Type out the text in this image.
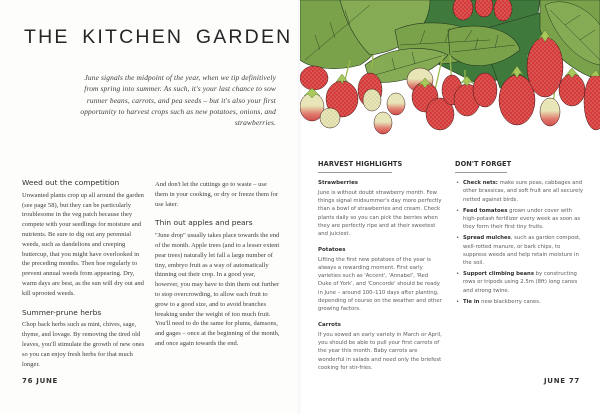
THE KITCHEN GARDEN

June signals the midpoint of the year, when we tip definitively from spring into summer. As such, it's your last chance to sow runner beans, carrots, and pea seeds – but it's also your first opportunity to harvest crops such as new potatoes, onions, and strawberries.

Weed out the competition

Unwanted plants crop up all around the garden (see page 58), but they can be particularly troublesome in the veg patch because they compete with your seedlings for moisture and nutrients. Be sure to dig out any perennial weeds, such as dandelions and creeping buttercup, that you might have overlooked in the preceding months. Then hoe regularly to prevent annual weeds from appearing. Dry, warm days are best, as the sun will dry out and kill uprooted weeds.

Summer-prune herbs

Chop back herbs such as mint, chives, sage, thyme, and lovage. By removing the tired old leaves, you'll stimulate the growth of new ones so you can enjoy fresh herbs for that much longer.

And don't let the cuttings go to waste – use them in your cooking, or dry or freeze them for use later.

Thin out apples and pears

"June drop" usually takes place towards the end of the month. Apple trees (and to a lesser extent pear trees) naturally let fall a large number of tiny, embryo fruit as a way of automatically thinning out their crop. In a good year, however, you may have to thin them out further to stop overcrowding, to allow each fruit to grow to a good size, and to avoid branches breaking under the weight of too much fruit. You'll need to do the same for plums, damsons, and gages – once at the beginning of the month, and once again towards the end.

76 JUNE
HARVEST HIGHLIGHTS
Strawberries

June is without doubt strawberry month. Few things signal midsummer's day more perfectly than a bowl of strawberries and cream. Check plants daily so you can pick the berries when they are perfectly ripe and at their sweetest and juiciest.

Potatoes

Lifting the first new potatoes of the year is always a rewarding moment. First early varieties such as 'Accent', 'Annabel', 'Red Duke of York', and 'Concorde' should be ready in June – around 100–110 days after planting, depending of course on the weather and other growing factors.

Carrots

If you sowed an early variety in March or April, you should be able to pull your first carrots of the year this month. Baby carrots are wonderful in salads and need only the briefest cooking for stir-fries.

DON'T FORGET
• Check nets: make sure peas, cabbages and other brassicas, and soft fruit are all securely netted against birds.
• Feed tomatoes grown under cover with high-potash fertilizer every week as soon as they form their first tiny fruits.
• Spread mulches, such as garden compost, well-rotted manure, or bark chips, to suppress weeds and help retain moisture in the soil.
• Support climbing beans by constructing rows or tripods using 2.5m (8ft) long canes and strong twine.
• Tie in new blackberry canes.
JUNE 77
